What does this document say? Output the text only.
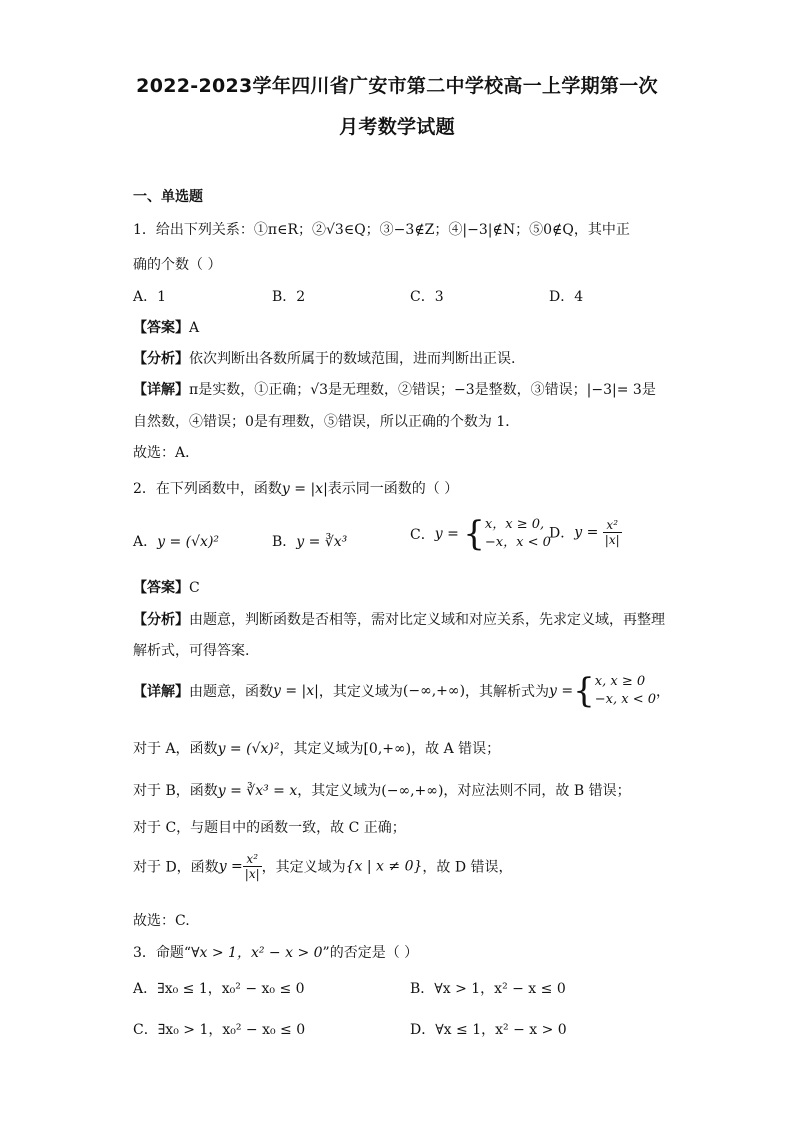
2022-2023学年四川省广安市第二中学校高一上学期第一次
月考数学试题
一、单选题
1．给出下列关系：①π∈R；②√3∈Q；③−3∉Z；④|−3|∉N；⑤0∉Q，其中正
确的个数（ ）
A．1	B．2	C．3	D．4
【答案】A
【分析】依次判断出各数所属于的数域范围，进而判断出正误.
【详解】π是实数，①正确；√3是无理数，②错误；−3是整数，③错误；|−3|= 3是
自然数，④错误；0是有理数，⑤错误，所以正确的个数为 1．
故选：A．
2．在下列函数中，函数y = |x|表示同一函数的（ ）
A．y = (√x)²	B．y = ∛x³	C．y = { x，x ≥ 0,
−x，x < 0
D．$y = \frac{\text{x²}}{|x|}$
【答案】C
【分析】由题意，判断函数是否相等，需对比定义域和对应关系，先求定义域，再整理
解析式，可得答案.
【详解】由题意，函数y = |x|，其定义域为(−∞,+∞)，其解析式为y ={ x, x ≥ 0
−x, x < 0 ，
对于 A，函数y = (√x)²，其定义域为[0,+∞)，故 A 错误；
对于 B，函数y = ∛x³ = x，其定义域为(−∞,+∞)，对应法则不同，故 B 错误；
对于 C，与题目中的函数一致，故 C 正确；
对于 D，函数$y = \frac{\text{x²}}{|x|}$ ，其定义域为{x | x ≠ 0}，故 D 错误，
故选：C.
3．命题“∀x > 1，x² − x > 0”的否定是（ ）
A．∃x₀ ≤ 1，x₀² − x₀ ≤ 0	B．∀x > 1，x² − x ≤ 0
C．∃x₀ > 1，x₀² − x₀ ≤ 0	D．∀x ≤ 1，x² − x > 0
